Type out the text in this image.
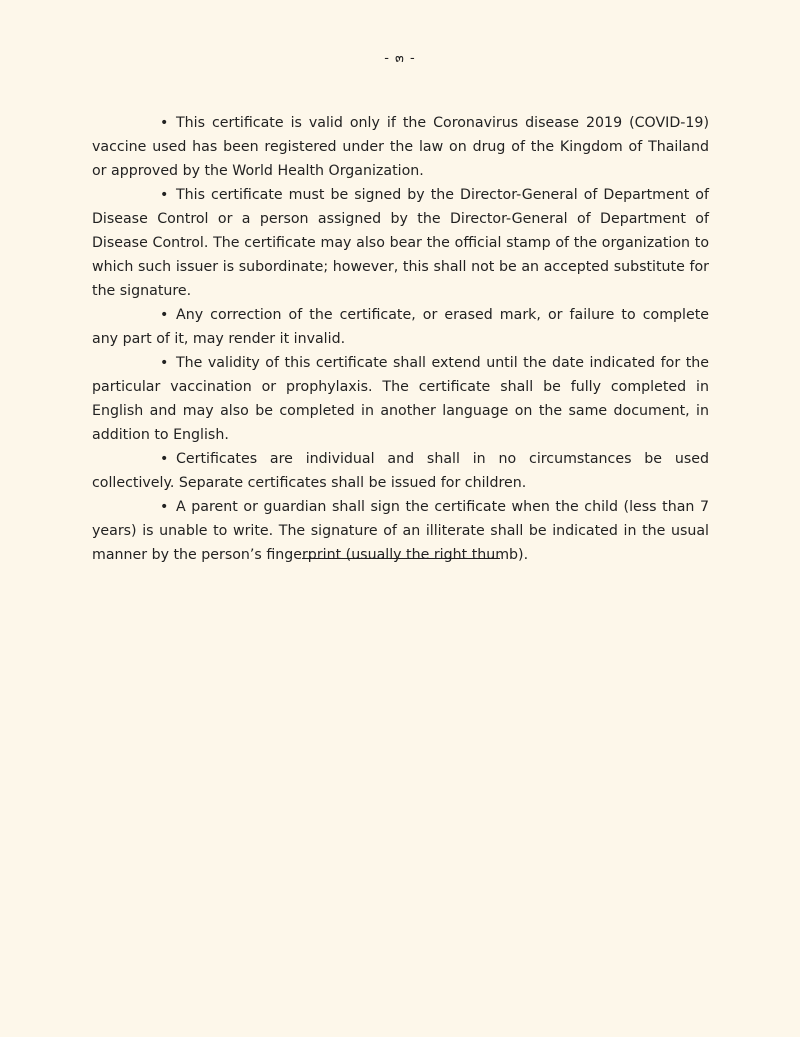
- ๓ -

• This certificate is valid only if the Coronavirus disease 2019 (COVID-19) vaccine used has been registered under the law on drug of the Kingdom of Thailand or approved by the World Health Organization.

• This certificate must be signed by the Director-General of Department of Disease Control or a person assigned by the Director-General of Department of Disease Control. The certificate may also bear the official stamp of the organization to which such issuer is subordinate; however, this shall not be an accepted substitute for the signature.

• Any correction of the certificate, or erased mark, or failure to complete any part of it, may render it invalid.

• The validity of this certificate shall extend until the date indicated for the particular vaccination or prophylaxis. The certificate shall be fully completed in English and may also be completed in another language on the same document, in addition to English.

• Certificates are individual and shall in no circumstances be used collectively. Separate certificates shall be issued for children.

• A parent or guardian shall sign the certificate when the child (less than 7 years) is unable to write. The signature of an illiterate shall be indicated in the usual manner by the person’s fingerprint (usually the right thumb).
